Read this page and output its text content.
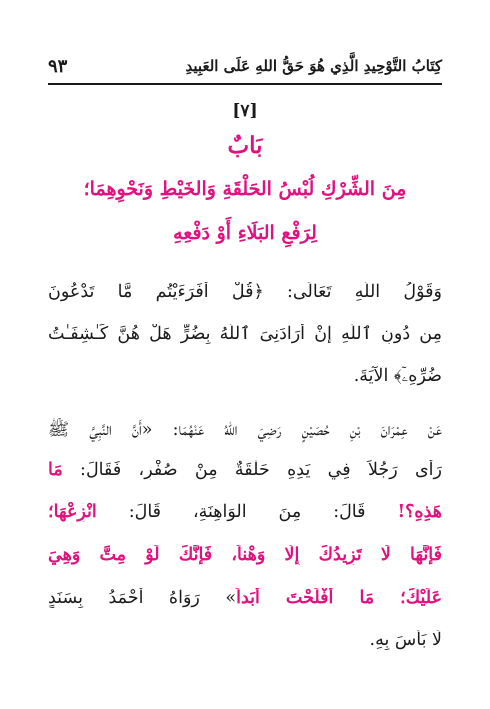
٩٣	كِتَابُ التَّوْحِيدِ الَّذِي هُوَ حَقُّ اللهِ عَلَى العَبِيدِ
[٧]
بَابٌ
مِنَ الشِّرْكِ لُبْسُ الحَلْقَةِ وَالخَيْطِ وَنَحْوِهِمَا؛
لِرَفْعِ البَلَاءِ أَوْ دَفْعِهِ
وَقَوْلُ اللَّهِ تَعَالَى: ﴿قُلْ أَفَرَءَيْتُم مَّا تَدْعُونَ
مِن دُونِ ٱللَّهِ إِنْ أَرَادَنِىَ ٱللَّهُ بِضُرٍّ هَلْ هُنَّ كَـٰشِفَـٰتُ
ضُرِّهِۦٓ﴾ الآيَةَ.
عَنْ عِمْرَانَ بْنِ حُصَيْنٍ رَضِيَ اللهُ عَنْهُمَا: «أَنَّ النَّبِيَّ ﷺ
رَأَى رَجُلاً فِي يَدِهِ حَلْقَةٌ مِنْ صُفْرٍ، فَقَالَ: مَا
هَذِهِ؟! قَالَ: مِنَ الوَاهِنَةِ، قَالَ: انْزِعْهَا؛
فَإِنَّهَا لَا تَزِيدُكَ إِلَّا وَهْناً، فَإِنَّكَ لَوْ مِتَّ وَهِيَ
عَلَيْكَ؛ مَا أَفْلَحْتَ أَبَداً» رَوَاهُ أَحْمَدُ بِسَنَدٍ
لَا بَأْسَ بِهِ.
